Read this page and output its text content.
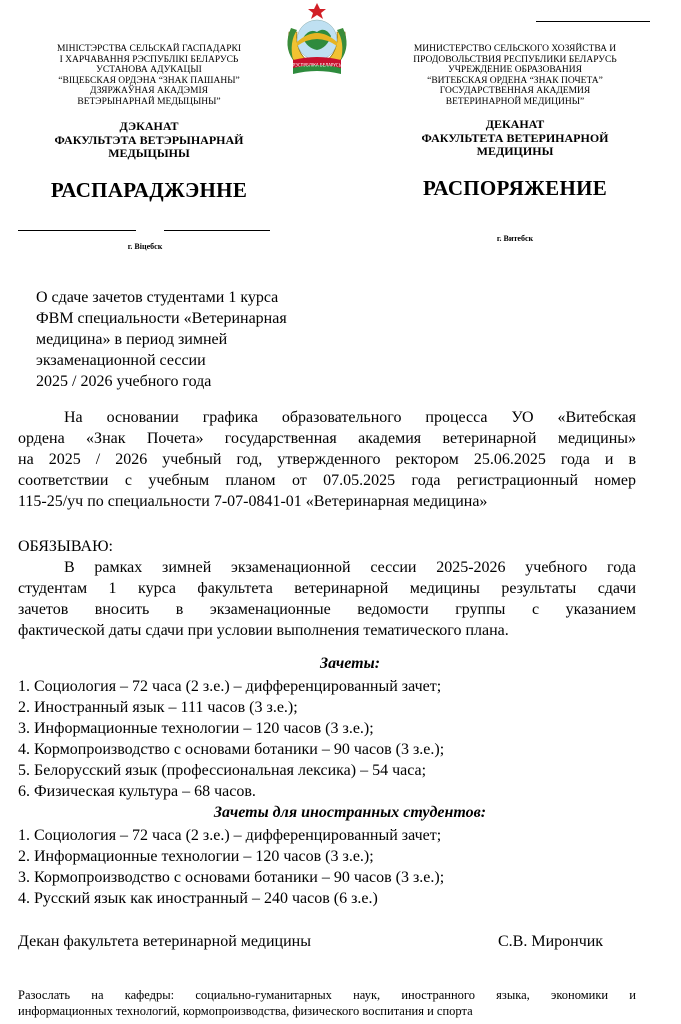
РЭСПУБЛІКА БЕЛАРУСЬ
МІНІСТЭРСТВА СЕЛЬСКАЙ ГАСПАДАРКІ
І ХАРЧАВАННЯ РЭСПУБЛІКІ БЕЛАРУСЬ
УСТАНОВА АДУКАЦЫІ
“ВІЦЕБСКАЯ ОРДЭНА “ЗНАК ПАШАНЫ”
ДЗЯРЖАЎНАЯ АКАДЭМІЯ
ВЕТЭРЫНАРНАЙ МЕДЫЦЫНЫ”
ДЭКАНАТ
ФАКУЛЬТЭТА ВЕТЭРЫНАРНАЙ
МЕДЫЦЫНЫ
РАСПАРАДЖЭННЕ
г. Віцебск
МИНИСТЕРСТВО СЕЛЬСКОГО ХОЗЯЙСТВА И
ПРОДОВОЛЬСТВИЯ РЕСПУБЛИКИ БЕЛАРУСЬ
УЧРЕЖДЕНИЕ ОБРАЗОВАНИЯ
“ВИТЕБСКАЯ ОРДЕНА “ЗНАК ПОЧЕТА”
ГОСУДАРСТВЕННАЯ АКАДЕМИЯ
ВЕТЕРИНАРНОЙ МЕДИЦИНЫ”
ДЕКАНАТ
ФАКУЛЬТЕТА ВЕТЕРИНАРНОЙ
МЕДИЦИНЫ
РАСПОРЯЖЕНИЕ
г. Витебск
О сдаче зачетов студентами 1 курса
ФВМ специальности «Ветеринарная
медицина» в период зимней
экзаменационной сессии
2025 / 2026 учебного года
На основании графика образовательного процесса УО «Витебская
ордена «Знак Почета» государственная академия ветеринарной медицины»
на 2025 / 2026 учебный год, утвержденного ректором 25.06.2025 года и в
соответствии с учебным планом от 07.05.2025 года регистрационный номер
115-25/уч по специальности 7-07-0841-01 «Ветеринарная медицина»
ОБЯЗЫВАЮ:
В рамках зимней экзаменационной сессии 2025-2026 учебного года
студентам 1 курса факультета ветеринарной медицины результаты сдачи
зачетов вносить в экзаменационные ведомости группы с указанием
фактической даты сдачи при условии выполнения тематического плана.
Зачеты:
1. Социология – 72 часа (2 з.е.) – дифференцированный зачет;
2. Иностранный язык – 111 часов (3 з.е.);
3. Информационные технологии – 120 часов (3 з.е.);
4. Кормопроизводство с основами ботаники – 90 часов (3 з.е.);
5. Белорусский язык (профессиональная лексика) – 54 часа;
6. Физическая культура – 68 часов.
Зачеты для иностранных студентов:
1. Социология – 72 часа (2 з.е.) – дифференцированный зачет;
2. Информационные технологии – 120 часов (3 з.е.);
3. Кормопроизводство с основами ботаники – 90 часов (3 з.е.);
4. Русский язык как иностранный – 240 часов (6 з.е.)
Декан факультета ветеринарной медицины	С.В. Мирончик
Разослать на кафедры: социально-гуманитарных наук, иностранного языка, экономики и
информационных технологий, кормопроизводства, физического воспитания и спорта
